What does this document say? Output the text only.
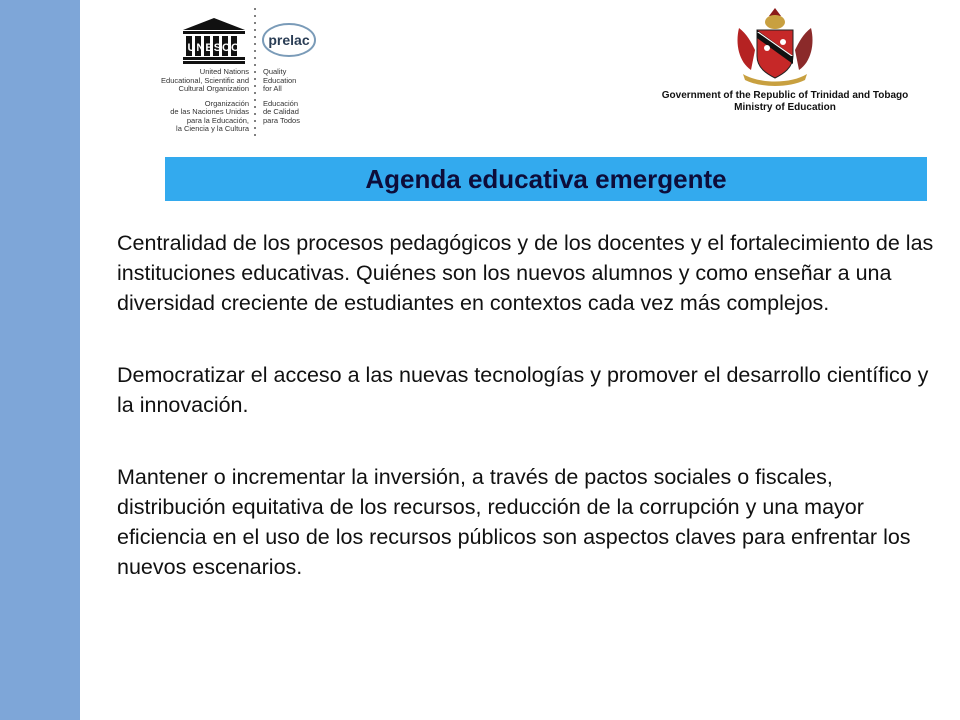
UNESCO
United Nations
Educational, Scientific and
Cultural Organization
Organización
de las Naciones Unidas
para la Educación,
la Ciencia y la Cultura
prelac
Quality
Education
for All
Educación
de Calidad
para Todos
Government of the Republic of Trinidad and Tobago
Ministry of Education
Agenda educativa emergente

Centralidad de los procesos pedagógicos y de los docentes y el fortalecimiento de las instituciones educativas. Quiénes son los nuevos alumnos y como enseñar a una diversidad creciente de estudiantes en contextos cada vez más complejos.

Democratizar el acceso a las nuevas tecnologías y promover el desarrollo científico y la innovación.

Mantener o incrementar la inversión, a través de pactos sociales o fiscales, distribución equitativa de los recursos, reducción de la corrupción y una mayor eficiencia en el uso de los recursos públicos son aspectos claves para enfrentar los nuevos escenarios.
